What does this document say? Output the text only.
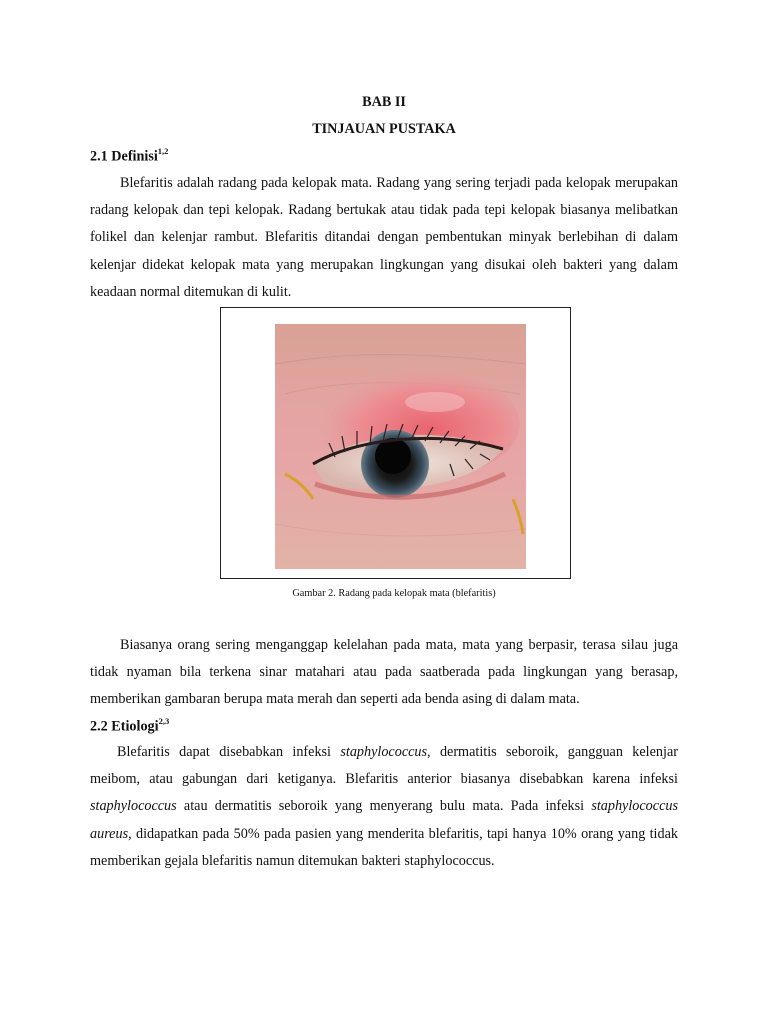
BAB II
TINJAUAN PUSTAKA
2.1 Definisi$^{1,2}$

Blefaritis adalah radang pada kelopak mata. Radang yang sering terjadi pada kelopak merupakan radang kelopak dan tepi kelopak. Radang bertukak atau tidak pada tepi kelopak biasanya melibatkan folikel dan kelenjar rambut. Blefaritis ditandai dengan pembentukan minyak berlebihan di dalam kelenjar didekat kelopak mata yang merupakan lingkungan yang disukai oleh bakteri yang dalam keadaan normal ditemukan di kulit.

Gambar 2. Radang pada kelopak mata (blefaritis)

Biasanya orang sering menganggap kelelahan pada mata, mata yang berpasir, terasa silau juga tidak nyaman bila terkena sinar matahari atau pada saatberada pada lingkungan yang berasap, memberikan gambaran berupa mata merah dan seperti ada benda asing di dalam mata.

2.2 Etiologi$^{2,3}$

Blefaritis dapat disebabkan infeksi staphylococcus, dermatitis seboroik, gangguan kelenjar meibom, atau gabungan dari ketiganya. Blefaritis anterior biasanya disebabkan karena infeksi staphylococcus atau dermatitis seboroik yang menyerang bulu mata. Pada infeksi staphylococcus aureus, didapatkan pada 50% pada pasien yang menderita blefaritis, tapi hanya 10% orang yang tidak memberikan gejala blefaritis namun ditemukan bakteri staphylococcus.
